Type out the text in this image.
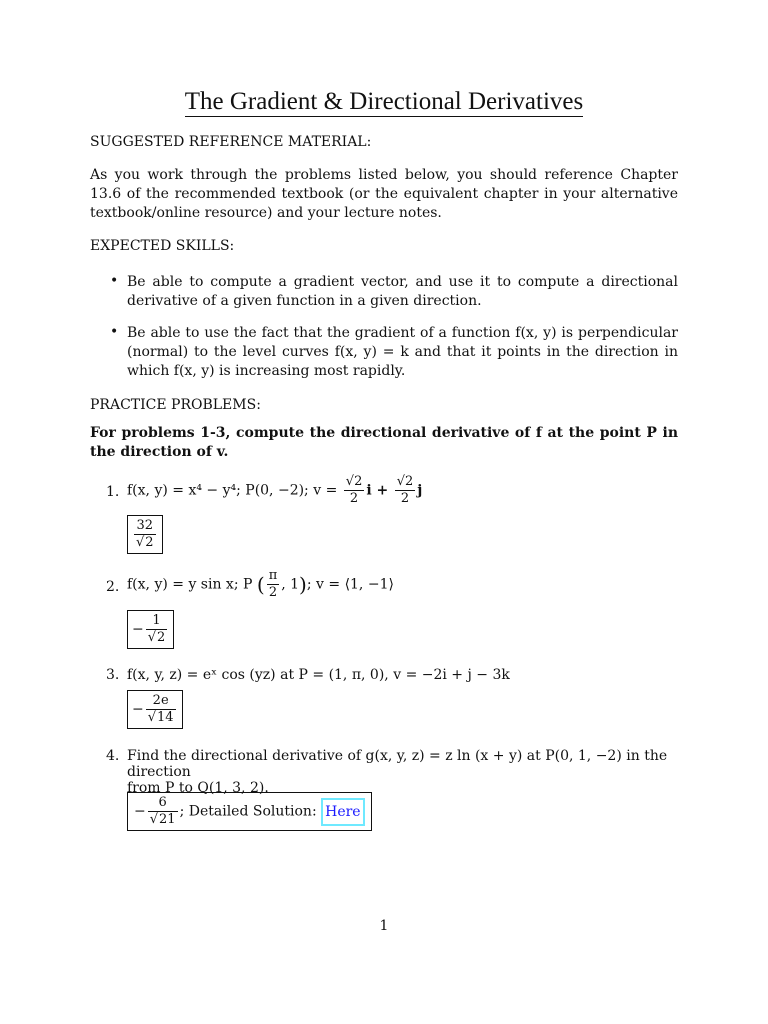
The Gradient & Directional Derivatives
SUGGESTED REFERENCE MATERIAL:
As you work through the problems listed below, you should reference Chapter 13.6 of the recommended textbook (or the equivalent chapter in your alternative textbook/online resource) and your lecture notes.
EXPECTED SKILLS:
• Be able to compute a gradient vector, and use it to compute a directional derivative of a given function in a given direction.
• Be able to use the fact that the gradient of a function f(x, y) is perpendicular (normal) to the level curves f(x, y) = k and that it points in the direction in which f(x, y) is increasing most rapidly.
PRACTICE PROBLEMS:
For problems 1-3, compute the directional derivative of f at the point P in the direction of v.
1. f(x, y) = x⁴ − y⁴; P(0, −2); $v = \frac{√2}{2}$ $i + \frac{√2}{2}$ j
$\frac{32}{√2}$
2. f(x, y) = y sin x; P ( $\frac{\pi}{2}$ , 1); v = ⟨1, −1⟩
− $\frac{1}{√2}$
3. f(x, y, z) = eˣ cos (yz) at P = (1, π, 0), v = −2i + j − 3k
− $\frac{2e}{√14}$
4. Find the directional derivative of g(x, y, z) = z ln (x + y) at P(0, 1, −2) in the direction
from P to Q(1, 3, 2).
− $\frac{6}{√21}$ ; Detailed Solution: Here
1
